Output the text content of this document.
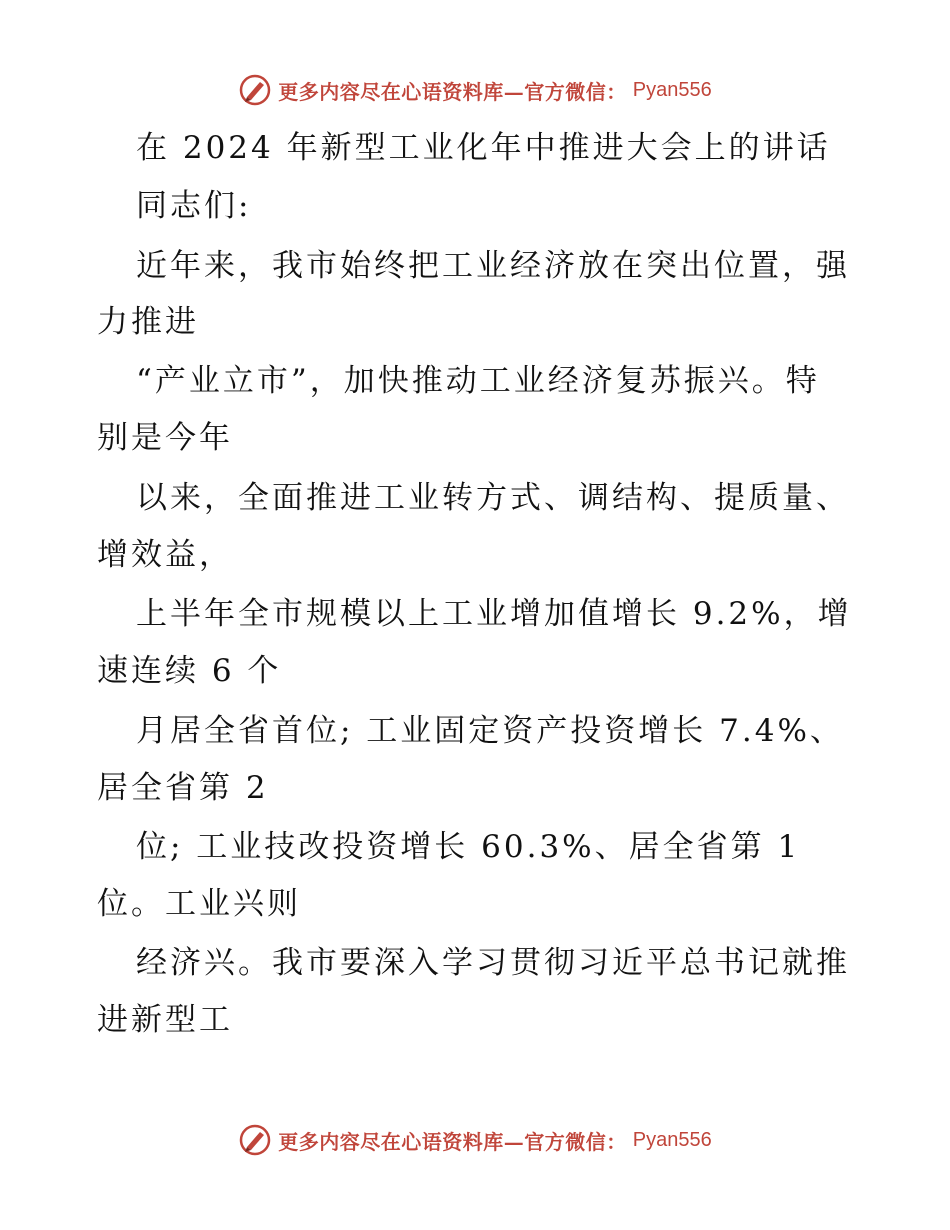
更多内容尽在心语资料库—官方微信： Pyan556
在 2024 年新型工业化年中推进大会上的讲话
同志们:
近年来，我市始终把工业经济放在突出位置，强
力推进
“产业立市”，加快推动工业经济复苏振兴。特
别是今年
以来，全面推进工业转方式、调结构、提质量、
增效益，
上半年全市规模以上工业增加值增长 9.2%，增
速连续 6 个
月居全省首位; 工业固定资产投资增长 7.4%、
居全省第 2
位; 工业技改投资增长 60.3%、居全省第 1
位。工业兴则
经济兴。我市要深入学习贯彻习近平总书记就推
进新型工
更多内容尽在心语资料库—官方微信： Pyan556
